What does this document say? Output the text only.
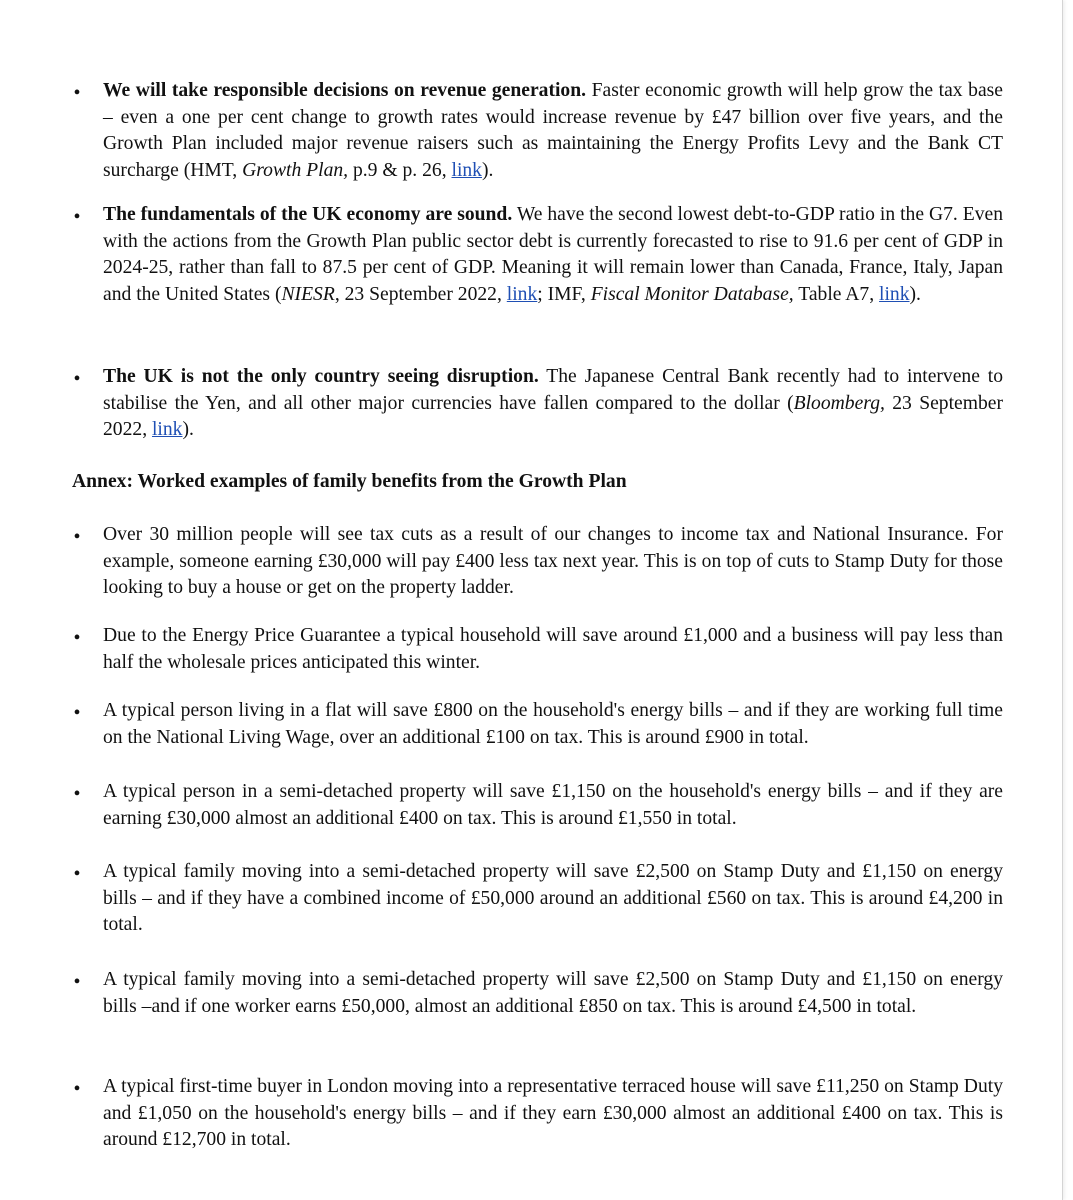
• We will take responsible decisions on revenue generation. Faster economic growth will help grow the tax base – even a one per cent change to growth rates would increase revenue by £47 billion over five years, and the Growth Plan included major revenue raisers such as maintaining the Energy Profits Levy and the Bank CT surcharge (HMT, Growth Plan, p.9 & p. 26, link).
• The fundamentals of the UK economy are sound. We have the second lowest debt-to-GDP ratio in the G7. Even with the actions from the Growth Plan public sector debt is currently forecasted to rise to 91.6 per cent of GDP in 2024-25, rather than fall to 87.5 per cent of GDP. Meaning it will remain lower than Canada, France, Italy, Japan and the United States (NIESR, 23 September 2022, link; IMF, Fiscal Monitor Database, Table A7, link).
• The UK is not the only country seeing disruption. The Japanese Central Bank recently had to intervene to stabilise the Yen, and all other major currencies have fallen compared to the dollar (Bloomberg, 23 September 2022, link).
Annex: Worked examples of family benefits from the Growth Plan
• Over 30 million people will see tax cuts as a result of our changes to income tax and National Insurance. For example, someone earning £30,000 will pay £400 less tax next year. This is on top of cuts to Stamp Duty for those looking to buy a house or get on the property ladder.
• Due to the Energy Price Guarantee a typical household will save around £1,000 and a business will pay less than half the wholesale prices anticipated this winter.
• A typical person living in a flat will save £800 on the household's energy bills – and if they are working full time on the National Living Wage, over an additional £100 on tax. This is around £900 in total.
• A typical person in a semi-detached property will save £1,150 on the household's energy bills – and if they are earning £30,000 almost an additional £400 on tax. This is around £1,550 in total.
• A typical family moving into a semi-detached property will save £2,500 on Stamp Duty and £1,150 on energy bills – and if they have a combined income of £50,000 around an additional £560 on tax. This is around £4,200 in total.
• A typical family moving into a semi-detached property will save £2,500 on Stamp Duty and £1,150 on energy bills –and if one worker earns £50,000, almost an additional £850 on tax. This is around £4,500 in total.
• A typical first-time buyer in London moving into a representative terraced house will save £11,250 on Stamp Duty and £1,050 on the household's energy bills – and if they earn £30,000 almost an additional £400 on tax. This is around £12,700 in total.
